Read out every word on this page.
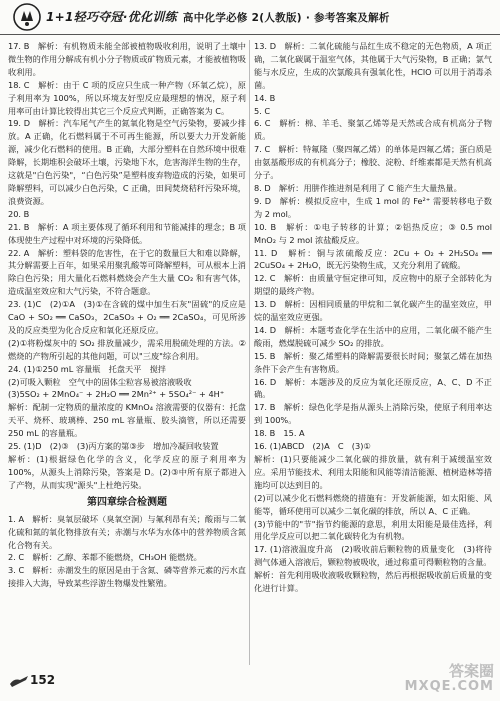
1+1轻巧夺冠·优化训练 高中化学必修 2(人教版) · 参考答案及解析
17. B　解析：有机物质未能全部被植物吸收利用，说明了土壤中微生物的作用分解成有机小分子物质或矿物质元素，才能被植物吸收利用。
18. C　解析：由于 C 项的反应只生成一种产物（环氧乙烷），原子利用率为 100%，所以环境友好型反应最理想的情况，原子利用率可由计算比较得出其它三个反应式判断，正确答案为 C。
19. D　解析：汽车尾气产生的氮氧化物是空气污染物，要减少排放。A 正确，化石燃料属于不可再生能源，所以要大力开发新能源，减少化石燃料的使用。B 正确，大部分塑料在自然环境中很难降解，长期堆积会破坏土壤，污染地下水，危害海洋生物的生存，这就是"白色污染"，“白色污染”是塑料废弃物造成的污染，如果可降解塑料，可以减少白色污染，C 正确，田间焚烧秸秆污染环境，浪费资源。
20. B
21. B　解析：A 项主要体现了循环利用和节能减排的理念；B 项体现使生产过程中对环境的污染降低。
22. A　解析：塑料袋的危害性，在于它的数量巨大和难以降解，其分解需要上百年，如果采用聚乳酸等可降解塑料，可从根本上消除白色污染；用大量化石燃料燃烧会产生大量 CO₂ 和有害气体，造成温室效应和大气污染，不符合题意。
23. (1)C　(2)①A　(3)①在含硫的煤中加生石灰"固硫"的反应是 CaO + SO₂ ══ CaSO₃，2CaSO₃ + O₂ ══ 2CaSO₄，可见所涉及的反应类型为化合反应和氧化还原反应。
(2)①将粉煤灰中的 SO₂ 排放量减少，需采用脱硫处理的方法。②燃烧的产物所引起的其他问题，可以"三废"综合利用。
24. (1)①250 mL 容量瓶　托盘天平　搅拌
(2)可吸入颗粒　空气中的固体尘粒容易被溶液吸收
(3)5SO₂ + 2MnO₄⁻ + 2H₂O ══ 2Mn²⁺ + 5SO₄²⁻ + 4H⁺
解析：配制一定物质的量浓度的 KMnO₄ 溶液需要的仪器有：托盘天平、烧杯、玻璃棒、250 mL 容量瓶、胶头滴管，所以还需要 250 mL 的容量瓶。
25. (1)D　(2)③　(3)丙方案的第③步　增加冷凝回收装置
解析：(1)根据绿色化学的含义，化学反应的原子利用率为 100%，从源头上消除污染，答案是 D。(2)③中所有原子都进入了产物，从而实现"源头"上杜绝污染。
第四章综合检测题
1. A　解析：臭氧层破坏（臭氧空洞）与氟利昂有关；酸雨与二氧化硫和氮的氧化物排放有关；赤潮与水华为水体中的营养物质含氮化合物有关。
2. C　解析：乙醇、苯都不能燃烧，CH₃OH 能燃烧。
3. C　解析：赤潮发生的原因是由于含氮、磷等营养元素的污水直接排入大海，导致某些浮游生物爆发性繁殖。
13. D　解析：二氧化硫能与品红生成不稳定的无色物质，A 项正确，二氧化碳属于温室气体，其他属于大气污染物，B 正确；氯气能与水反应，生成的次氯酸具有强氧化性，HClO 可以用于消毒杀菌。
14. B
5. C
6. C　解析：棉、羊毛、聚氯乙烯等是天然或合成有机高分子物质。
7. C　解析：特氟隆（聚四氟乙烯）的单体是四氟乙烯；蛋白质是由氨基酸形成的有机高分子；橡胶、淀粉、纤维素都是天然有机高分子。
8. D　解析：用肼作推进剂是利用了 C 能产生大量热量。
9. D　解析：模拟反应中，生成 1 mol 的 Fe²⁺ 需要转移电子数为 2 mol。
10. B　解析：①电子转移的计算；②铝热反应；③ 0.5 mol MnO₂ 与 2 mol 浓盐酸反应。
11. D　解析：铜与浓硫酸反应：2Cu + O₂ + 2H₂SO₄ ══ 2CuSO₄ + 2H₂O，既无污染物生成，又充分利用了硫酸。
12. C　解析：由质量守恒定律可知，反应物中的原子全部转化为期望的最终产物。
13. D　解析：因相同质量的甲烷和二氧化碳产生的温室效应，甲烷的温室效应更强。
14. D　解析：本题考查化学在生活中的应用，二氧化碳不能产生酸雨，燃煤脱硫可减少 SO₂ 的排放。
15. B　解析：聚乙烯塑料的降解需要很长时间；聚氯乙烯在加热条件下会产生有害物质。
16. D　解析：本题涉及的反应为氧化还原反应，A、C、D 不正确。
17. B　解析：绿色化学是指从源头上消除污染，使原子利用率达到 100%。
18. B　15. A
16. (1)ABCD　(2)A　C　(3)①
解析：(1)只要能减少二氧化碳的排放量，就有利于减缓温室效应。采用节能技术、利用太阳能和风能等清洁能源、植树造林等措施均可以达到目的。
(2)可以减少化石燃料燃烧的措施有：开发新能源，如太阳能、风能等，循环使用可以减少二氧化碳的排放，所以 A、C 正确。
(3)节能中的"节"指节约能源的意思，利用太阳能是最佳选择，利用化学反应可以把二氧化碳转化为有机物。
17. (1)溶液温度升高　(2)吸收前后颗粒物的质量变化　(3)将待测气体通入溶液后，颗粒物被吸收，通过称重可得颗粒物的含量。
解析：首先利用吸收液吸收颗粒物，然后再根据吸收前后质量的变化进行计算。
152	答案圈
MXQE.COM
